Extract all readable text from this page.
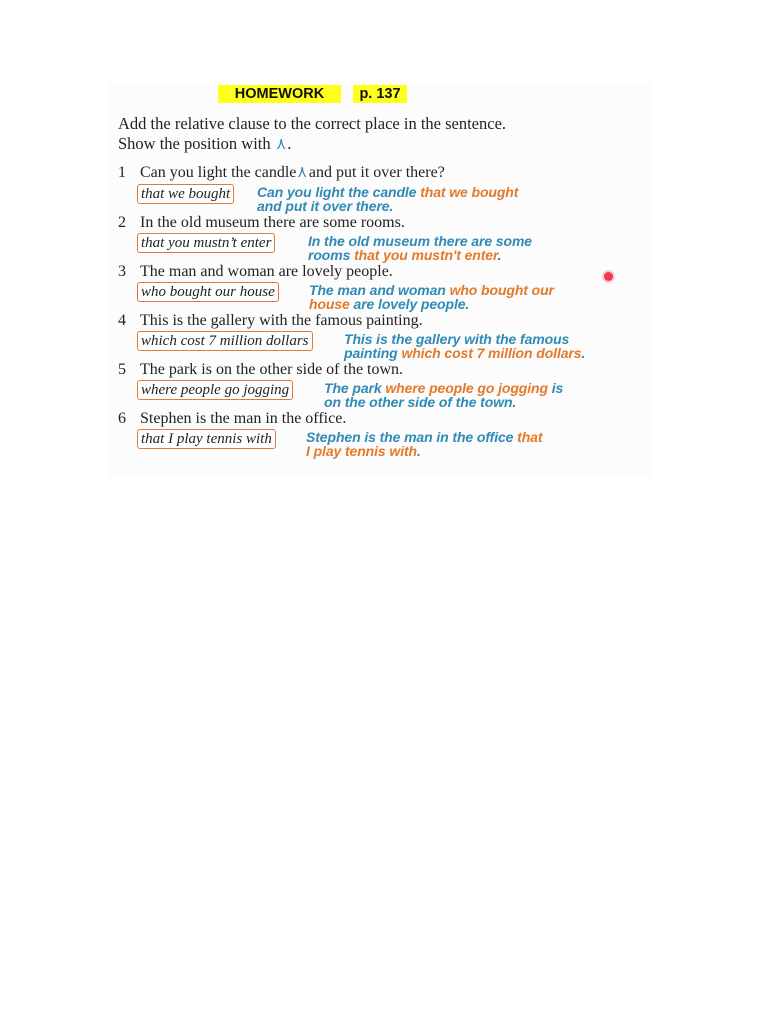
HOMEWORK	p. 137
Add the relative clause to the correct place in the sentence.
Show the position with ⋏.
1 Can you light the candle⋏and put it over there?
that we bought Can you light the candle that we bought
and put it over there.
2 In the old museum there are some rooms.
that you mustn’t enter	In the old museum there are some
rooms that you mustn't enter.
3 The man and woman are lovely people.
who bought our house The man and woman who bought our
house are lovely people.
4 This is the gallery with the famous painting.
which cost 7 million dollars	This is the gallery with the famous
painting which cost 7 million dollars.
5 The park is on the other side of the town.
where people go jogging The park where people go jogging is
on the other side of the town.
6 Stephen is the man in the office.
that I play tennis with Stephen is the man in the office that
I play tennis with.
